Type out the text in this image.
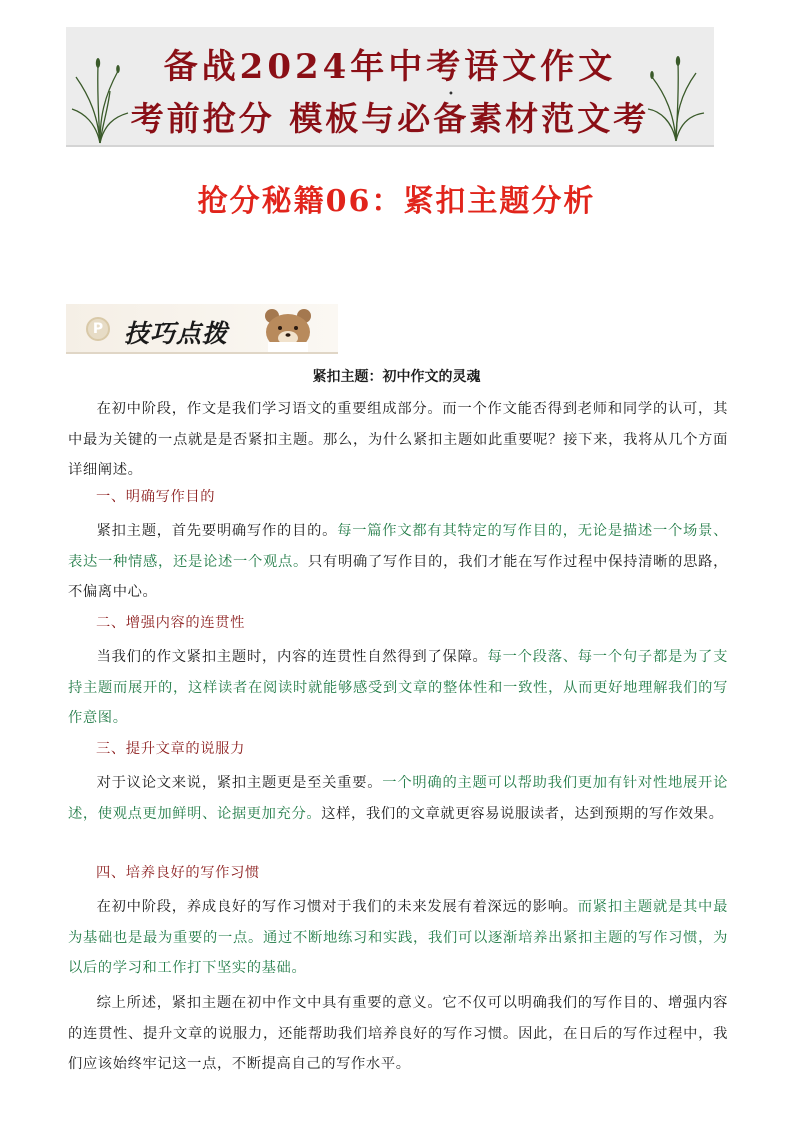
备战2024年中考语文作文
•
考前抢分 模板与必备素材范文考
抢分秘籍06：紧扣主题分析
P 技巧点拨
紧扣主题：初中作文的灵魂
在初中阶段，作文是我们学习语文的重要组成部分。而一个作文能否得到老师和同学的认可，其中最为关键的一点就是是否紧扣主题。那么，为什么紧扣主题如此重要呢？接下来，我将从几个方面详细阐述。
一、明确写作目的
紧扣主题，首先要明确写作的目的。每一篇作文都有其特定的写作目的，无论是描述一个场景、表达一种情感，还是论述一个观点。只有明确了写作目的，我们才能在写作过程中保持清晰的思路，不偏离中心。
二、增强内容的连贯性
当我们的作文紧扣主题时，内容的连贯性自然得到了保障。每一个段落、每一个句子都是为了支持主题而展开的，这样读者在阅读时就能够感受到文章的整体性和一致性，从而更好地理解我们的写作意图。
三、提升文章的说服力
对于议论文来说，紧扣主题更是至关重要。一个明确的主题可以帮助我们更加有针对性地展开论述，使观点更加鲜明、论据更加充分。这样，我们的文章就更容易说服读者，达到预期的写作效果。
四、培养良好的写作习惯
在初中阶段，养成良好的写作习惯对于我们的未来发展有着深远的影响。而紧扣主题就是其中最为基础也是最为重要的一点。通过不断地练习和实践，我们可以逐渐培养出紧扣主题的写作习惯，为以后的学习和工作打下坚实的基础。
综上所述，紧扣主题在初中作文中具有重要的意义。它不仅可以明确我们的写作目的、增强内容的连贯性、提升文章的说服力，还能帮助我们培养良好的写作习惯。因此，在日后的写作过程中，我们应该始终牢记这一点，不断提高自己的写作水平。
